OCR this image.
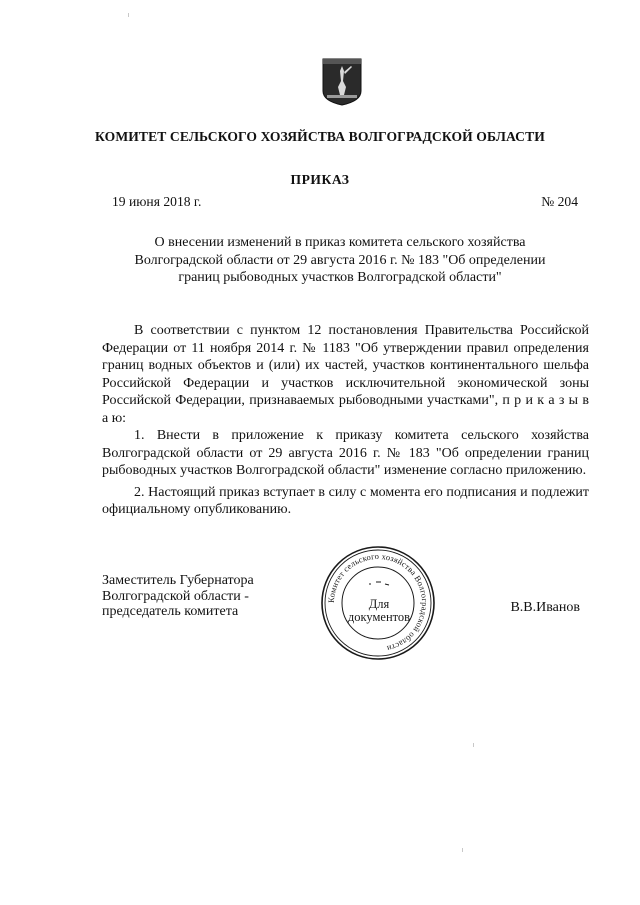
КОМИТЕТ СЕЛЬСКОГО ХОЗЯЙСТВА ВОЛГОГРАДСКОЙ ОБЛАСТИ
ПРИКАЗ
19 июня 2018 г.	№ 204
О внесении изменений в приказ комитета сельского хозяйства
Волгоградской области от 29 августа 2016 г. № 183 "Об определении
границ рыбоводных участков Волгоградской области"

В соответствии с пунктом 12 постановления Правительства Российской Федерации от 11 ноября 2014 г. № 1183 "Об утверждении правил определения границ водных объектов и (или) их частей, участков континентального шельфа Российской Федерации и участков исключительной экономической зоны Российской Федерации, признаваемых рыбоводными участками", п р и к а з ы в а ю:

1. Внести в приложение к приказу комитета сельского хозяйства Волгоградской области от 29 августа 2016 г. № 183 "Об определении границ рыбоводных участков Волгоградской области" изменение согласно приложению.

2. Настоящий приказ вступает в силу с момента его подписания и подлежит официальному опубликованию.

Заместитель Губернатора
Волгоградской области -
председатель комитета
Комитет сельского хозяйства Волгоградской области
Для
документов
В.В.Иванов
